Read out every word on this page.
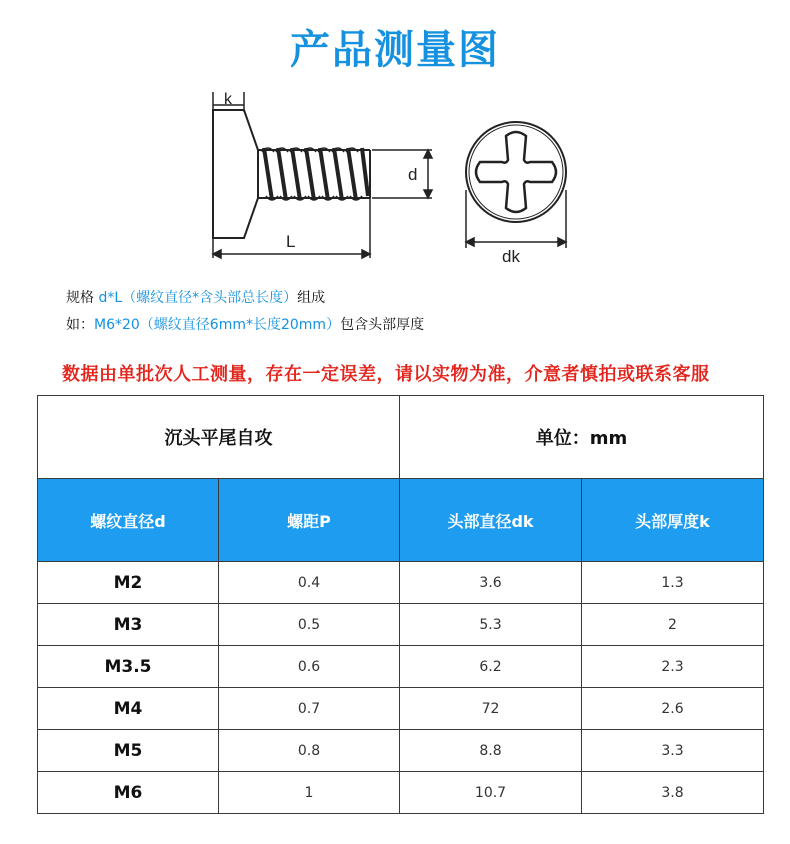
产品测量图
k
d
L
dk
规格 d*L（螺纹直径*含头部总长度）组成
如：M6*20（螺纹直径6mm*长度20mm）包含头部厚度
数据由单批次人工测量，存在一定误差，请以实物为准，介意者慎拍或联系客服
沉头平尾自攻		单位：mm	
螺纹直径d	螺距P	头部直径dk	头部厚度k
M2	0.4	3.6	1.3
M3	0.5	5.3	2
M3.5	0.6	6.2	2.3
M4	0.7	72	2.6
M5	0.8	8.8	3.3
M6	1	10.7	3.8
